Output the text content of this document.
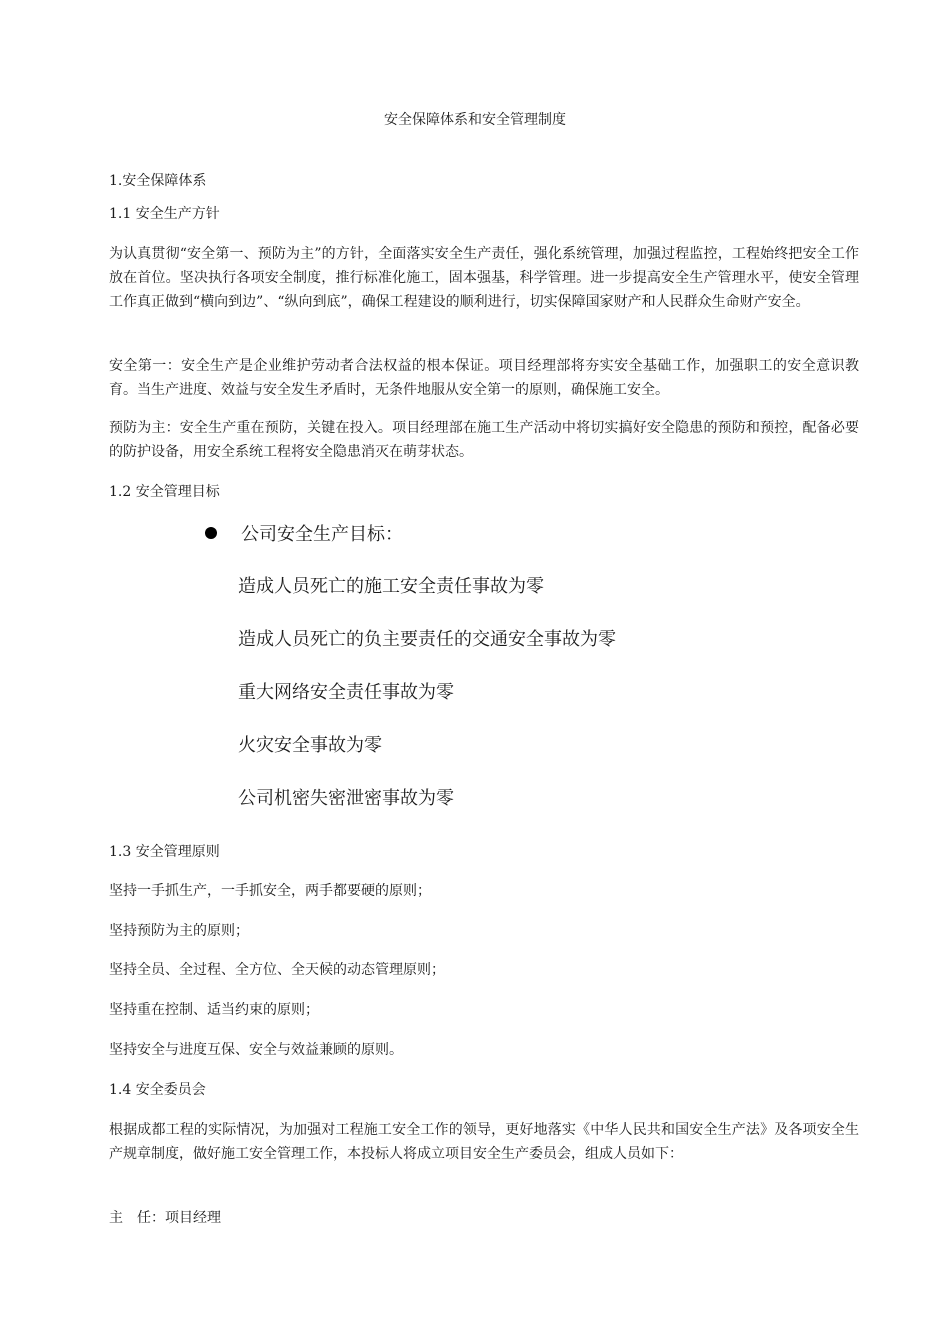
安全保障体系和安全管理制度
1.安全保障体系
1.1 安全生产方针
为认真贯彻“安全第一、预防为主”的方针，全面落实安全生产责任，强化系统管理，加强过程监控，工程始终把安全工作放在首位。坚决执行各项安全制度，推行标准化施工，固本强基，科学管理。进一步提高安全生产管理水平，使安全管理工作真正做到“横向到边”、“纵向到底”，确保工程建设的顺利进行，切实保障国家财产和人民群众生命财产安全。
安全第一：安全生产是企业维护劳动者合法权益的根本保证。项目经理部将夯实安全基础工作，加强职工的安全意识教育。当生产进度、效益与安全发生矛盾时，无条件地服从安全第一的原则，确保施工安全。
预防为主：安全生产重在预防，关键在投入。项目经理部在施工生产活动中将切实搞好安全隐患的预防和预控，配备必要的防护设备，用安全系统工程将安全隐患消灭在萌芽状态。
1.2 安全管理目标
公司安全生产目标：
造成人员死亡的施工安全责任事故为零
造成人员死亡的负主要责任的交通安全事故为零
重大网络安全责任事故为零
火灾安全事故为零
公司机密失密泄密事故为零
1.3 安全管理原则
坚持一手抓生产，一手抓安全，两手都要硬的原则；
坚持预防为主的原则；
坚持全员、全过程、全方位、全天候的动态管理原则；
坚持重在控制、适当约束的原则；
坚持安全与进度互保、安全与效益兼顾的原则。
1.4 安全委员会
根据成都工程的实际情况，为加强对工程施工安全工作的领导，更好地落实《中华人民共和国安全生产法》及各项安全生产规章制度，做好施工安全管理工作，本投标人将成立项目安全生产委员会，组成人员如下：
主　任：项目经理
